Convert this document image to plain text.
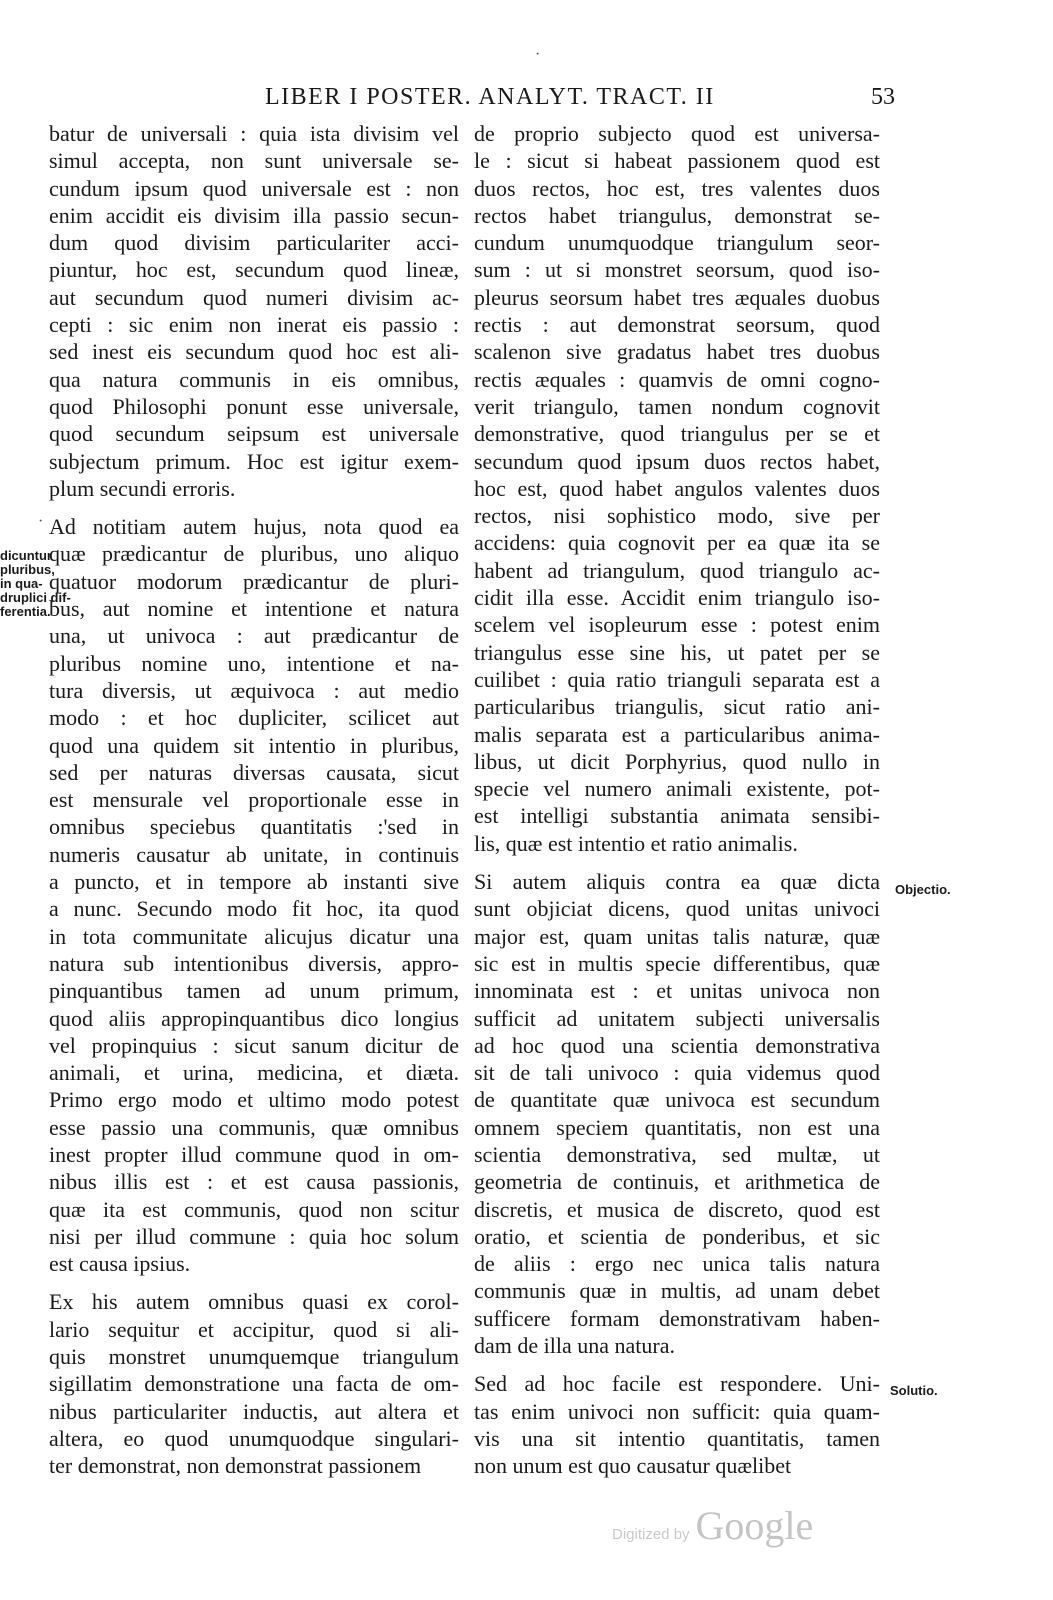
·
LIBER I POSTER. ANALYT. TRACT. II	53
batur de universali : quia ista divisim vel
simul accepta, non sunt universale se-
cundum ipsum quod universale est : non
enim accidit eis divisim illa passio secun-
dum quod divisim particulariter acci-
piuntur, hoc est, secundum quod lineæ,
aut secundum quod numeri divisim ac-
cepti : sic enim non inerat eis passio :
sed inest eis secundum quod hoc est ali-
qua natura communis in eis omnibus,
quod Philosophi ponunt esse universale,
quod secundum seipsum est universale
subjectum primum. Hoc est igitur exem-
plum secundi erroris.
Ad notitiam autem hujus, nota quod ea
quæ prædicantur de pluribus, uno aliquo
quatuor modorum prædicantur de pluri-
bus, aut nomine et intentione et natura
una, ut univoca : aut prædicantur de
pluribus nomine uno, intentione et na-
tura diversis, ut æquivoca : aut medio
modo : et hoc dupliciter, scilicet aut
quod una quidem sit intentio in pluribus,
sed per naturas diversas causata, sicut
est mensurale vel proportionale esse in
omnibus speciebus quantitatis :'sed in
numeris causatur ab unitate, in continuis
a puncto, et in tempore ab instanti sive
a nunc. Secundo modo fit hoc, ita quod
in tota communitate alicujus dicatur una
natura sub intentionibus diversis, appro-
pinquantibus tamen ad unum primum,
quod aliis appropinquantibus dico longius
vel propinquius : sicut sanum dicitur de
animali, et urina, medicina, et diæta.
Primo ergo modo et ultimo modo potest
esse passio una communis, quæ omnibus
inest propter illud commune quod in om-
nibus illis est : et est causa passionis,
quæ ita est communis, quod non scitur
nisi per illud commune : quia hoc solum
est causa ipsius.
Ex his autem omnibus quasi ex corol-
lario sequitur et accipitur, quod si ali-
quis monstret unumquemque triangulum
sigillatim demonstratione una facta de om-
nibus particulariter inductis, aut altera et
altera, eo quod unumquodque singulari-
ter demonstrat, non demonstrat passionem
de proprio subjecto quod est universa-
le : sicut si habeat passionem quod est
duos rectos, hoc est, tres valentes duos
rectos habet triangulus, demonstrat se-
cundum unumquodque triangulum seor-
sum : ut si monstret seorsum, quod iso-
pleurus seorsum habet tres æquales duobus
rectis : aut demonstrat seorsum, quod
scalenon sive gradatus habet tres duobus
rectis æquales : quamvis de omni cogno-
verit triangulo, tamen nondum cognovit
demonstrative, quod triangulus per se et
secundum quod ipsum duos rectos habet,
hoc est, quod habet angulos valentes duos
rectos, nisi sophistico modo, sive per
accidens: quia cognovit per ea quæ ita se
habent ad triangulum, quod triangulo ac-
cidit illa esse. Accidit enim triangulo iso-
scelem vel isopleurum esse : potest enim
triangulus esse sine his, ut patet per se
cuilibet : quia ratio trianguli separata est a
particularibus triangulis, sicut ratio ani-
malis separata est a particularibus anima-
libus, ut dicit Porphyrius, quod nullo in
specie vel numero animali existente, pot-
est intelligi substantia animata sensibi-
lis, quæ est intentio et ratio animalis.
Si autem aliquis contra ea quæ dicta
sunt objiciat dicens, quod unitas univoci
major est, quam unitas talis naturæ, quæ
sic est in multis specie differentibus, quæ
innominata est : et unitas univoca non
sufficit ad unitatem subjecti universalis
ad hoc quod una scientia demonstrativa
sit de tali univoco : quia videmus quod
de quantitate quæ univoca est secundum
omnem speciem quantitatis, non est una
scientia demonstrativa, sed multæ, ut
geometria de continuis, et arithmetica de
discretis, et musica de discreto, quod est
oratio, et scientia de ponderibus, et sic
de aliis : ergo nec unica talis natura
communis quæ in multis, ad unam debet
sufficere formam demonstrativam haben-
dam de illa una natura.
Sed ad hoc facile est respondere. Uni-
tas enim univoci non sufficit: quia quam-
vis una sit intentio quantitatis, tamen
non unum est quo causatur quælibet
·
dicuntur
pluribus,
in qua-
druplici dif-
ferentia.
Objectio.
Solutio.
Digitized by Google
